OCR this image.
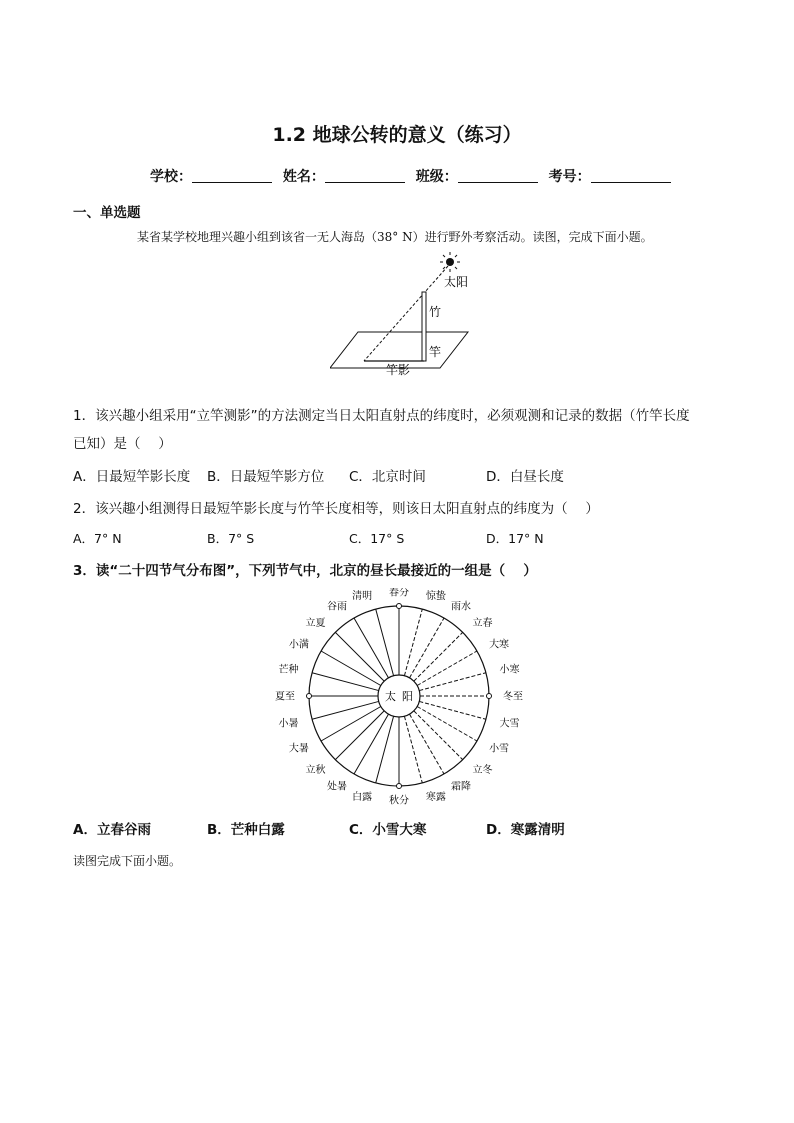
1.2 地球公转的意义（练习）
学校：	姓名：	班级：	考号：
一、单选题
某省某学校地理兴趣小组到该省一无人海岛（38° N）进行野外考察活动。读图，完成下面小题。
太阳
竹
竿
竿影
1．该兴趣小组采用“立竿测影”的方法测定当日太阳直射点的纬度时，必须观测和记录的数据（竹竿长度
已知）是（　 ）
A．日最短竿影长度 B．日最短竿影方位 C．北京时间	D．白昼长度
2．该兴趣小组测得日最短竿影长度与竹竿长度相等，则该日太阳直射点的纬度为（　 ）
A．7° N	B．7° S	C．17° S	D．17° N
3．读“二十四节气分布图”，下列节气中，北京的昼长最接近的一组是（　 ）
太 阳
春分 惊蛰
雨水
立春
大寒
小寒
冬至
大雪
小雪
立冬
霜降
寒露
秋分
白露
处暑
立秋
大暑
小暑
夏至
芒种
小满
立夏
谷雨
清明
A．立春谷雨	B．芒种白露	C．小雪大寒	D．寒露清明
读图完成下面小题。
